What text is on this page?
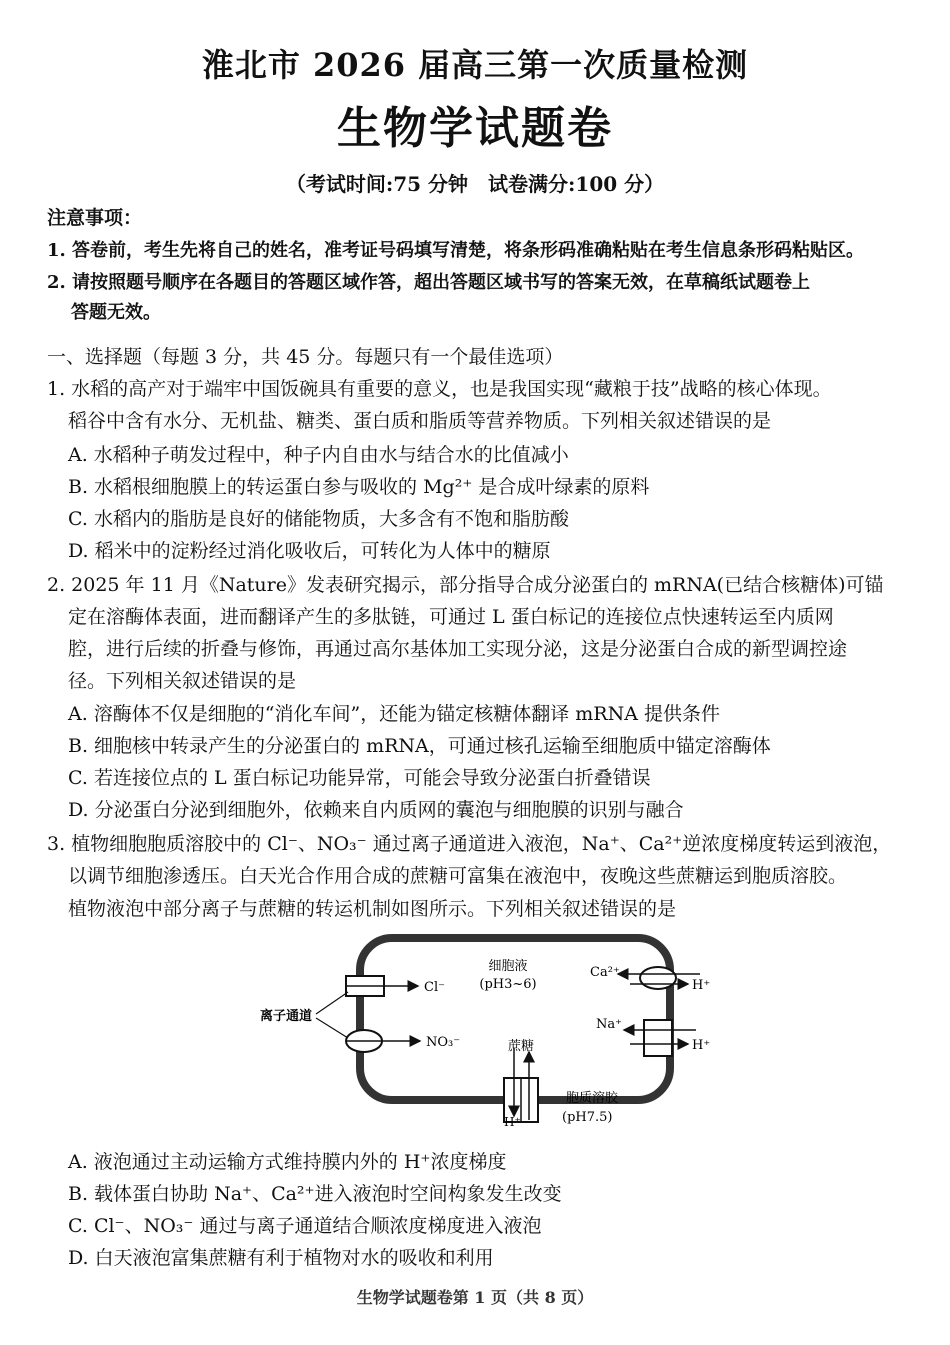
淮北市 2026 届高三第一次质量检测
生物学试题卷
（考试时间:75 分钟　试卷满分:100 分）
注意事项：
1. 答卷前，考生先将自己的姓名，准考证号码填写清楚，将条形码准确粘贴在考生信息条形码粘贴区。
2. 请按照题号顺序在各题目的答题区域作答，超出答题区域书写的答案无效，在草稿纸试题卷上
答题无效。
一、选择题（每题 3 分，共 45 分。每题只有一个最佳选项）
1. 水稻的高产对于端牢中国饭碗具有重要的意义，也是我国实现“藏粮于技”战略的核心体现。
稻谷中含有水分、无机盐、糖类、蛋白质和脂质等营养物质。下列相关叙述错误的是
A. 水稻种子萌发过程中，种子内自由水与结合水的比值减小
B. 水稻根细胞膜上的转运蛋白参与吸收的 Mg²⁺ 是合成叶绿素的原料
C. 水稻内的脂肪是良好的储能物质，大多含有不饱和脂肪酸
D. 稻米中的淀粉经过消化吸收后，可转化为人体中的糖原
2. 2025 年 11 月《Nature》发表研究揭示，部分指导合成分泌蛋白的 mRNA(已结合核糖体)可锚
定在溶酶体表面，进而翻译产生的多肽链，可通过 L 蛋白标记的连接位点快速转运至内质网
腔，进行后续的折叠与修饰，再通过高尔基体加工实现分泌，这是分泌蛋白合成的新型调控途
径。下列相关叙述错误的是
A. 溶酶体不仅是细胞的“消化车间”，还能为锚定核糖体翻译 mRNA 提供条件
B. 细胞核中转录产生的分泌蛋白的 mRNA，可通过核孔运输至细胞质中锚定溶酶体
C. 若连接位点的 L 蛋白标记功能异常，可能会导致分泌蛋白折叠错误
D. 分泌蛋白分泌到细胞外，依赖来自内质网的囊泡与细胞膜的识别与融合
3. 植物细胞胞质溶胶中的 Cl⁻、NO₃⁻ 通过离子通道进入液泡，Na⁺、Ca²⁺逆浓度梯度转运到液泡，
以调节细胞渗透压。白天光合作用合成的蔗糖可富集在液泡中，夜晚这些蔗糖运到胞质溶胶。
植物液泡中部分离子与蔗糖的转运机制如图所示。下列相关叙述错误的是
细胞液
(pH3~6)
Cl⁻
NO₃⁻
离子通道
Ca²⁺
H⁺
Na⁺
H⁺
蔗糖
H⁺
胞质溶胶
(pH7.5)
A. 液泡通过主动运输方式维持膜内外的 H⁺浓度梯度
B. 载体蛋白协助 Na⁺、Ca²⁺进入液泡时空间构象发生改变
C. Cl⁻、NO₃⁻ 通过与离子通道结合顺浓度梯度进入液泡
D. 白天液泡富集蔗糖有利于植物对水的吸收和利用
生物学试题卷第 1 页（共 8 页）
